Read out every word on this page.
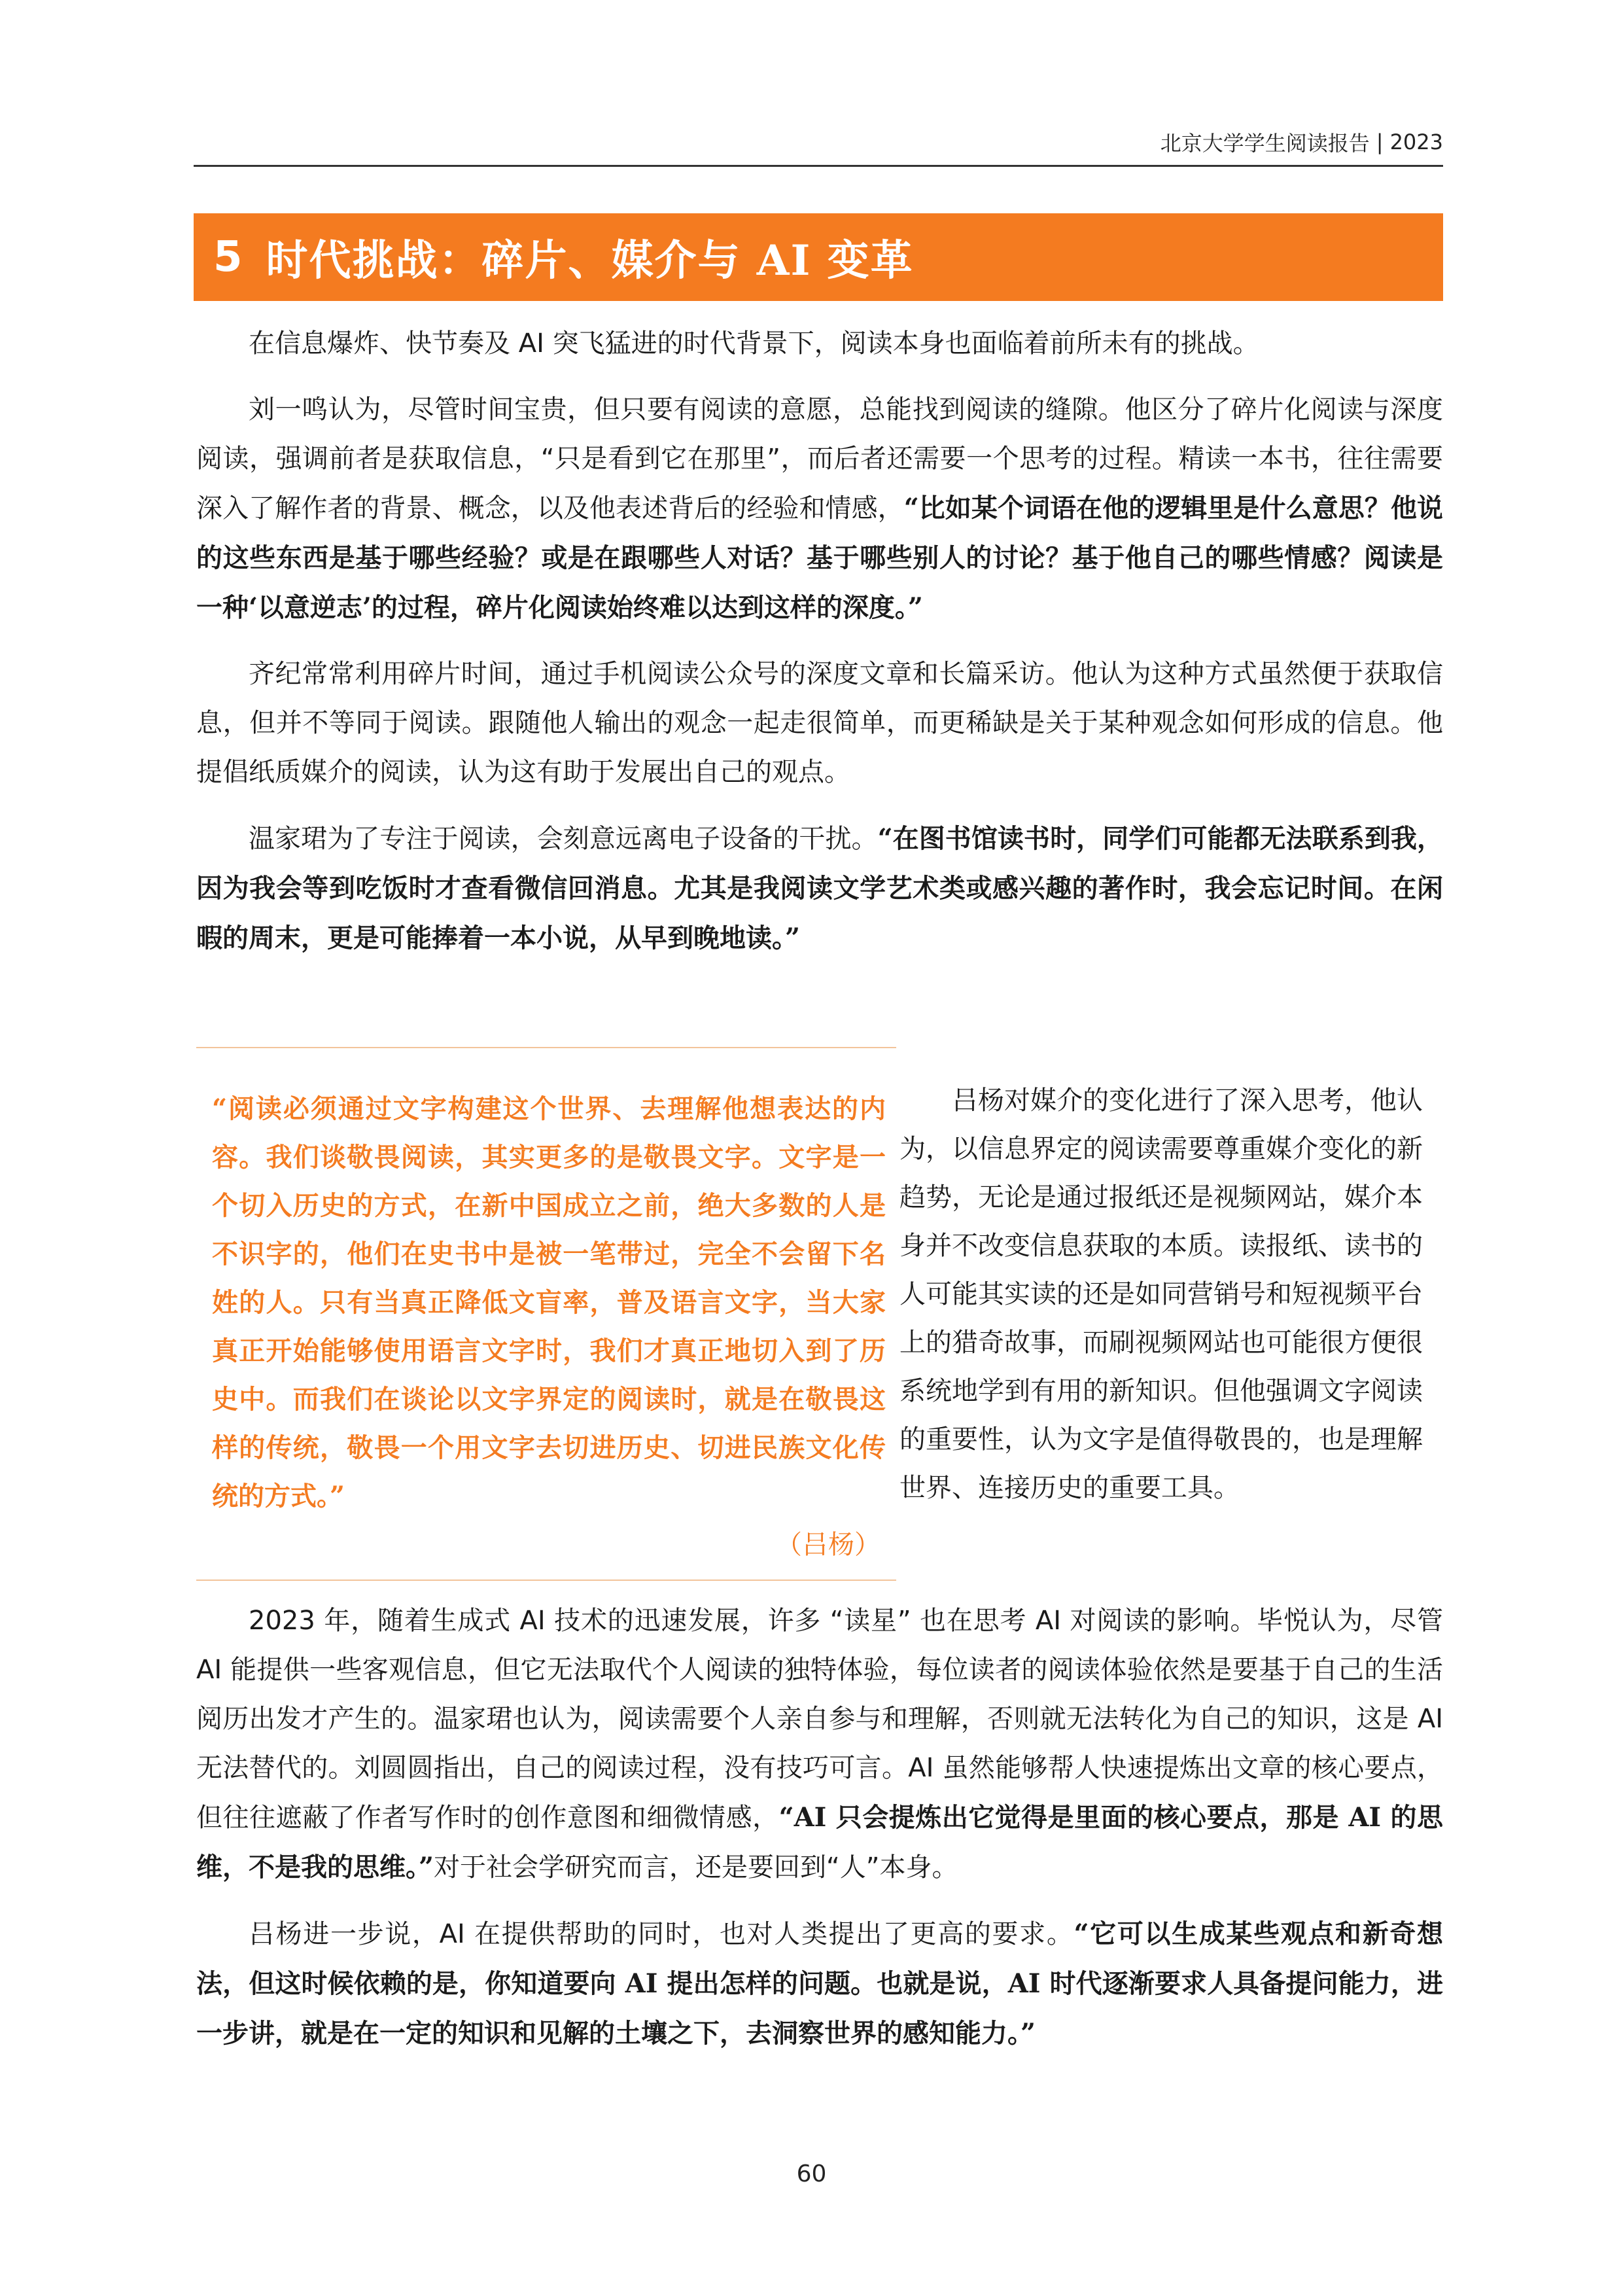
北京大学学生阅读报告 | 2023
5 时代挑战：碎片、媒介与 AI 变革

在信息爆炸、快节奏及 AI 突飞猛进的时代背景下，阅读本身也面临着前所未有的挑战。

刘一鸣认为，尽管时间宝贵，但只要有阅读的意愿，总能找到阅读的缝隙。他区分了碎片化阅读与深度阅读，强调前者是获取信息，“只是看到它在那里”，而后者还需要一个思考的过程。精读一本书，往往需要深入了解作者的背景、概念，以及他表述背后的经验和情感，“比如某个词语在他的逻辑里是什么意思？他说的这些东西是基于哪些经验？或是在跟哪些人对话？基于哪些别人的讨论？基于他自己的哪些情感？阅读是一种‘以意逆志’的过程，碎片化阅读始终难以达到这样的深度。”

齐纪常常利用碎片时间，通过手机阅读公众号的深度文章和长篇采访。他认为这种方式虽然便于获取信息，但并不等同于阅读。跟随他人输出的观念一起走很简单，而更稀缺是关于某种观念如何形成的信息。他提倡纸质媒介的阅读，认为这有助于发展出自己的观点。

温家珺为了专注于阅读，会刻意远离电子设备的干扰。“在图书馆读书时，同学们可能都无法联系到我，因为我会等到吃饭时才查看微信回消息。尤其是我阅读文学艺术类或感兴趣的著作时，我会忘记时间。在闲暇的周末，更是可能捧着一本小说，从早到晚地读。”

“阅读必须通过文字构建这个世界、去理解他想表达的内容。我们谈敬畏阅读，其实更多的是敬畏文字。文字是一个切入历史的方式，在新中国成立之前，绝大多数的人是不识字的，他们在史书中是被一笔带过，完全不会留下名姓的人。只有当真正降低文盲率，普及语言文字，当大家真正开始能够使用语言文字时，我们才真正地切入到了历史中。而我们在谈论以文字界定的阅读时，就是在敬畏这样的传统，敬畏一个用文字去切进历史、切进民族文化传统的方式。”
（吕杨）

吕杨对媒介的变化进行了深入思考，他认为，以信息界定的阅读需要尊重媒介变化的新趋势，无论是通过报纸还是视频网站，媒介本身并不改变信息获取的本质。读报纸、读书的人可能其实读的还是如同营销号和短视频平台上的猎奇故事，而刷视频网站也可能很方便很系统地学到有用的新知识。但他强调文字阅读的重要性，认为文字是值得敬畏的，也是理解世界、连接历史的重要工具。

2023 年，随着生成式 AI 技术的迅速发展，许多 “读星” 也在思考 AI 对阅读的影响。毕悦认为，尽管 AI 能提供一些客观信息，但它无法取代个人阅读的独特体验，每位读者的阅读体验依然是要基于自己的生活阅历出发才产生的。温家珺也认为，阅读需要个人亲自参与和理解，否则就无法转化为自己的知识，这是 AI 无法替代的。刘圆圆指出，自己的阅读过程，没有技巧可言。AI 虽然能够帮人快速提炼出文章的核心要点，但往往遮蔽了作者写作时的创作意图和细微情感，“AI 只会提炼出它觉得是里面的核心要点，那是 AI 的思维，不是我的思维。”对于社会学研究而言，还是要回到“人”本身。

吕杨进一步说，AI 在提供帮助的同时，也对人类提出了更高的要求。“它可以生成某些观点和新奇想法，但这时候依赖的是，你知道要向 AI 提出怎样的问题。也就是说，AI 时代逐渐要求人具备提问能力，进一步讲，就是在一定的知识和见解的土壤之下，去洞察世界的感知能力。”

60
